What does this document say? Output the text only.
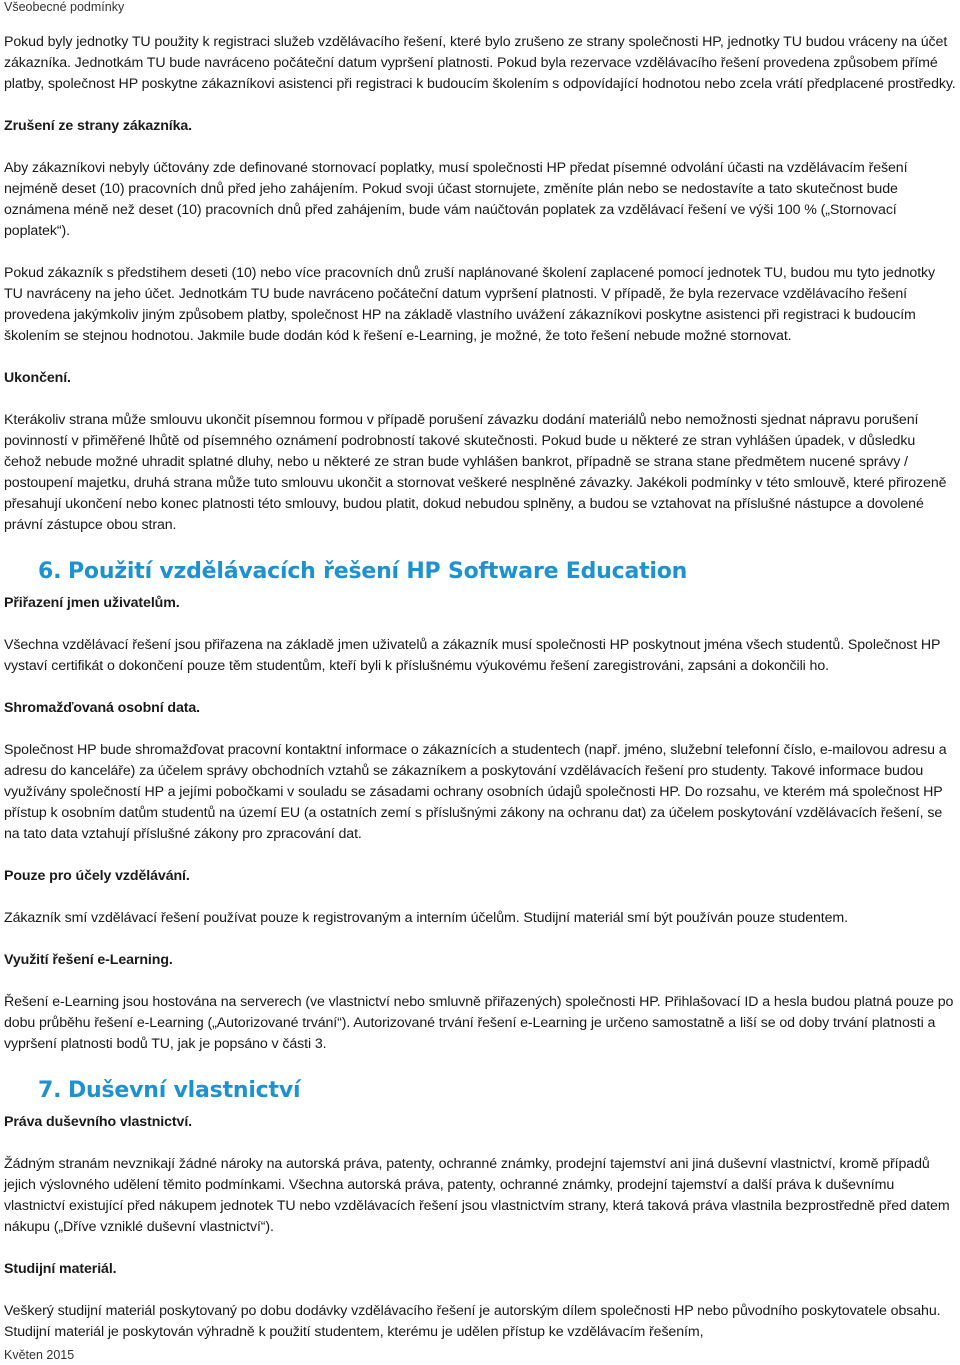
Všeobecné podmínky

Pokud byly jednotky TU použity k registraci služeb vzdělávacího řešení, které bylo zrušeno ze strany společnosti HP, jednotky TU budou vráceny na účet zákazníka. Jednotkám TU bude navráceno počáteční datum vypršení platnosti. Pokud byla rezervace vzdělávacího řešení provedena způsobem přímé platby, společnost HP poskytne zákazníkovi asistenci při registraci k budoucím školením s odpovídající hodnotou nebo zcela vrátí předplacené prostředky.

Zrušení ze strany zákazníka.

Aby zákazníkovi nebyly účtovány zde definované stornovací poplatky, musí společnosti HP předat písemné odvolání účasti na vzdělávacím řešení nejméně deset (10) pracovních dnů před jeho zahájením. Pokud svoji účast stornujete, změníte plán nebo se nedostavíte a tato skutečnost bude oznámena méně než deset (10) pracovních dnů před zahájením, bude vám naúčtován poplatek za vzdělávací řešení ve výši 100 % („Stornovací poplatek“).

Pokud zákazník s předstihem deseti (10) nebo více pracovních dnů zruší naplánované školení zaplacené pomocí jednotek TU, budou mu tyto jednotky TU navráceny na jeho účet. Jednotkám TU bude navráceno počáteční datum vypršení platnosti. V případě, že byla rezervace vzdělávacího řešení provedena jakýmkoliv jiným způsobem platby, společnost HP na základě vlastního uvážení zákazníkovi poskytne asistenci při registraci k budoucím školením se stejnou hodnotou. Jakmile bude dodán kód k řešení e-Learning, je možné, že toto řešení nebude možné stornovat.

Ukončení.

Kterákoliv strana může smlouvu ukončit písemnou formou v případě porušení závazku dodání materiálů nebo nemožnosti sjednat nápravu porušení povinností v přiměřené lhůtě od písemného oznámení podrobností takové skutečnosti. Pokud bude u některé ze stran vyhlášen úpadek, v důsledku čehož nebude možné uhradit splatné dluhy, nebo u některé ze stran bude vyhlášen bankrot, případně se strana stane předmětem nucené správy / postoupení majetku, druhá strana může tuto smlouvu ukončit a stornovat veškeré nesplněné závazky. Jakékoli podmínky v této smlouvě, které přirozeně přesahují ukončení nebo konec platnosti této smlouvy, budou platit, dokud nebudou splněny, a budou se vztahovat na příslušné nástupce a dovolené právní zástupce obou stran.

6. Použití vzdělávacích řešení HP Software Education

Přiřazení jmen uživatelům.

Všechna vzdělávací řešení jsou přiřazena na základě jmen uživatelů a zákazník musí společnosti HP poskytnout jména všech studentů. Společnost HP vystaví certifikát o dokončení pouze těm studentům, kteří byli k příslušnému výukovému řešení zaregistrováni, zapsáni a dokončili ho.

Shromažďovaná osobní data.

Společnost HP bude shromažďovat pracovní kontaktní informace o zákaznících a studentech (např. jméno, služební telefonní číslo, e-mailovou adresu a adresu do kanceláře) za účelem správy obchodních vztahů se zákazníkem a poskytování vzdělávacích řešení pro studenty. Takové informace budou využívány společností HP a jejími pobočkami v souladu se zásadami ochrany osobních údajů společnosti HP. Do rozsahu, ve kterém má společnost HP přístup k osobním datům studentů na území EU (a ostatních zemí s příslušnými zákony na ochranu dat) za účelem poskytování vzdělávacích řešení, se na tato data vztahují příslušné zákony pro zpracování dat.

Pouze pro účely vzdělávání.

Zákazník smí vzdělávací řešení používat pouze k registrovaným a interním účelům. Studijní materiál smí být používán pouze studentem.

Využití řešení e-Learning.

Řešení e-Learning jsou hostována na serverech (ve vlastnictví nebo smluvně přiřazených) společnosti HP. Přihlašovací ID a hesla budou platná pouze po dobu průběhu řešení e-Learning („Autorizované trvání“). Autorizované trvání řešení e-Learning je určeno samostatně a liší se od doby trvání platnosti a vypršení platnosti bodů TU, jak je popsáno v části 3.

7. Duševní vlastnictví

Práva duševního vlastnictví.

Žádným stranám nevznikají žádné nároky na autorská práva, patenty, ochranné známky, prodejní tajemství ani jiná duševní vlastnictví, kromě případů jejich výslovného udělení těmito podmínkami. Všechna autorská práva, patenty, ochranné známky, prodejní tajemství a další práva k duševnímu vlastnictví existující před nákupem jednotek TU nebo vzdělávacích řešení jsou vlastnictvím strany, která taková práva vlastnila bezprostředně před datem nákupu („Dříve vzniklé duševní vlastnictví“).

Studijní materiál.

Veškerý studijní materiál poskytovaný po dobu dodávky vzdělávacího řešení je autorským dílem společnosti HP nebo původního poskytovatele obsahu. Studijní materiál je poskytován výhradně k použití studentem, kterému je udělen přístup ke vzdělávacím řešením,

Květen 2015
